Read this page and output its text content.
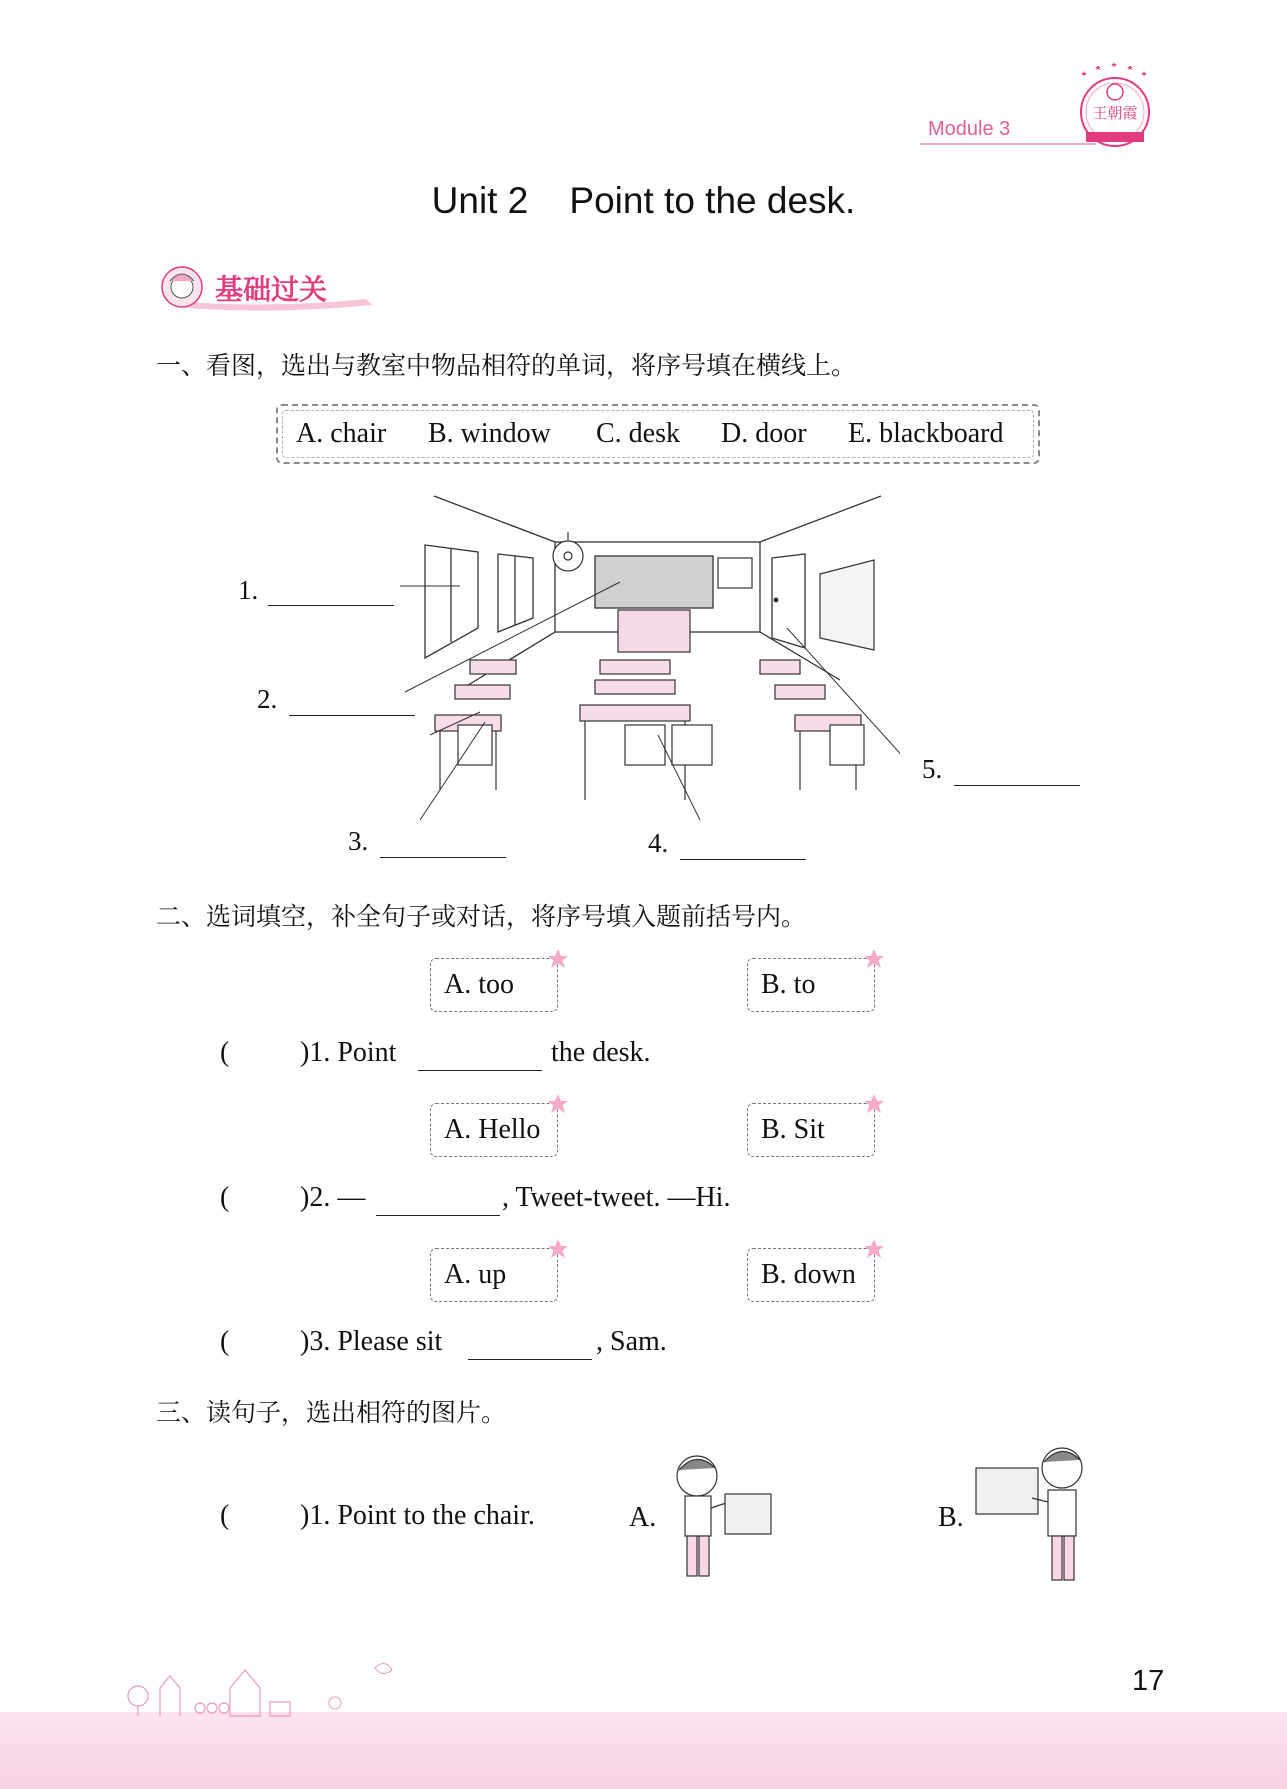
Module 3
王朝霞
Unit 2    Point to the desk.
基础过关
一、看图，选出与教室中物品相符的单词，将序号填在横线上。
A. chair B. window C. desk D. door E. blackboard
1.
2.
3.	4.
5.
二、选词填空，补全句子或对话，将序号填入题前括号内。
A. too	B. to
(	)1. Point	the desk.
A. Hello	B. Sit
(	)2. —	, Tweet-tweet. —Hi.
A. up	B. down
(	)3. Please sit	, Sam.
三、读句子，选出相符的图片。
(	)1. Point to the chair.	A.	B.
17
